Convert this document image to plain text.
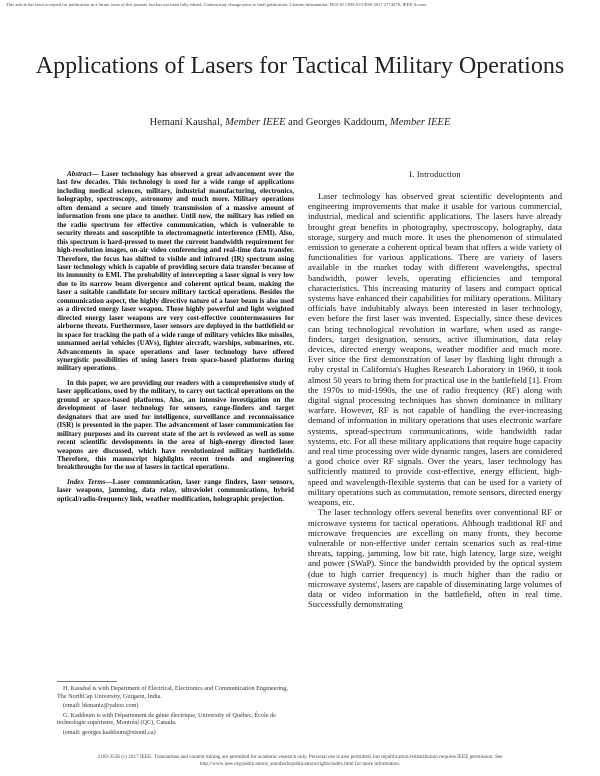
This article has been accepted for publication in a future issue of this journal, but has not been fully edited. Content may change prior to final publication. Citation information: DOI 10.1109/ACCESS.2017.2774476, IEEE Access
Applications of Lasers for Tactical Military Operations
Hemani Kaushal, Member IEEE and Georges Kaddoum, Member IEEE

Abstract— Laser technology has observed a great advancement over the last few decades. This technology is used for a wide range of applications including medical sciences, military, industrial manufacturing, electronics, holography, spectroscopy, astronomy and much more. Military operations often demand a secure and timely transmission of a massive amount of information from one place to another. Until now, the military has relied on the radio spectrum for effective communication, which is vulnerable to security threats and susceptible to electromagnetic interference (EMI). Also, this spectrum is hard-pressed to meet the current bandwidth requirement for high-resolution images, on-air video conferencing and real-time data transfer. Therefore, the focus has shifted to visible and infrared (IR) spectrum using laser technology which is capable of providing secure data transfer because of its immunity to EMI. The probability of intercepting a laser signal is very low due to its narrow beam divergence and coherent optical beam, making the laser a suitable candidate for secure military tactical operations. Besides the communication aspect, the highly directive nature of a laser beam is also used as a directed energy laser weapon. These highly powerful and light weighted directed energy laser weapons are very cost-effective countermeasures for airborne threats. Furthermore, laser sensors are deployed in the battlefield or in space for tracking the path of a wide range of military vehicles like missiles, unmanned aerial vehicles (UAVs), fighter aircraft, warships, submarines, etc. Advancements in space operations and laser technology have offered synergistic possibilities of using lasers from space-based platforms during military operations.

In this paper, we are providing our readers with a comprehensive study of laser applications, used by the military, to carry out tactical operations on the ground or space-based platforms. Also, an intensive investigation on the development of laser technology for sensors, range-finders and target designators that are used for intelligence, surveillance and reconnaissance (ISR) is presented in the paper. The advancement of laser communication for military purposes and its current state of the art is reviewed as well as some recent scientific developments in the area of high-energy directed laser weapons are discussed, which have revolutionized military battlefields. Therefore, this manuscript highlights recent trends and engineering breakthroughs for the use of lasers in tactical operations.

Index Terms—Laser communication, laser range finders, laser sensors, laser weapons, jamming, data relay, ultraviolet communications, hybrid optical/radio-frequency link, weather modification, holographic projection.

H. Kaushal is with Department of Electrical, Electronics and Communication Engineering, The NorthCap University, Gurgaon, India.

(email: hkmaniz@yahoo.com)

G. Kaddoum is with Département de génie électrique, University of Québec, École de technologie supérieure, Montréal (QC), Canada.

(email: georges.kaddoum@etsmtl.ca)

I. Introduction

Laser technology has observed great scientific developments and engineering improvements that make it usable for various commercial, industrial, medical and scientific applications. The lasers have already brought great benefits in photography, spectroscopy, holography, data storage, surgery and much more. It uses the phenomenon of stimulated emission to generate a coherent optical beam that offers a wide variety of functionalities for various applications. There are variety of lasers available in the market today with different wavelengths, spectral bandwidth, power levels, operating efficiencies and temporal characteristics. This increasing maturity of lasers and compact optical systems have enhanced their capabilities for military operations. Military officials have indubitably always been interested in laser technology, even before the first laser was invented. Especially, since these devices can bring technological revolution in warfare, when used as range-finders, target designation, sensors, active illumination, data relay devices, directed energy weapons, weather modifier and much more. Ever since the first demonstration of laser by flashing light through a ruby crystal in California's Hughes Research Laboratory in 1960, it took almost 50 years to bring them for practical use in the battlefield [1]. From the 1970s to mid-1990s, the use of radio frequency (RF) along with digital signal processing techniques has shown dominance in military warfare. However, RF is not capable of handling the ever-increasing demand of information in military operations that uses electronic warfare systems, spread-spectrum communications, wide bandwidth radar systems, etc. For all these military applications that require huge capacity and real time processing over wide dynamic ranges, lasers are considered a good choice over RF signals. Over the years, laser technology has sufficiently matured to provide cost-effective, energy efficient, high-speed and wavelength-flexible systems that can be used for a variety of military operations such as commutation, remote sensors, directed energy weapons, etc.

The laser technology offers several benefits over conventional RF or microwave systems for tactical operations. Although traditional RF and microwave frequencies are excelling on many fronts, they become vulnerable or non-effective under certain scenarios such as real-time threats, tapping, jamming, low bit rate, high latency, large size, weight and power (SWaP). Since the bandwidth provided by the optical system (due to high carrier frequency) is much higher than the radio or microwave systems', lasers are capable of disseminating large volumes of data or video information in the battlefield, often in real time. Successfully demonstrating

2169-3536 (c) 2017 IEEE. Translations and content mining are permitted for academic research only. Personal use is also permitted, but republication/redistribution requires IEEE permission. See
http://www.ieee.org/publications_standards/publications/rights/index.html for more information.
